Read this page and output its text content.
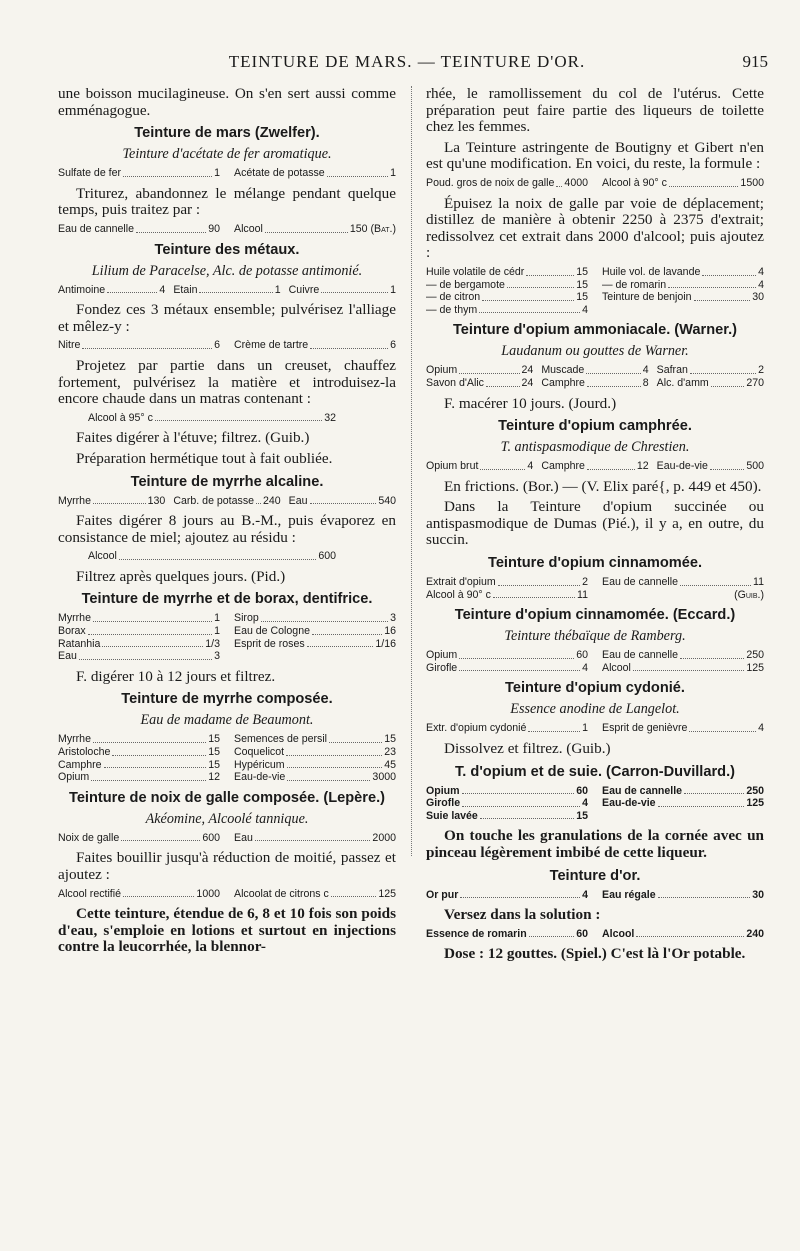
TEINTURE DE MARS. — TEINTURE D'OR.	915

une boisson mucilagineuse. On s'en sert aussi comme emménagogue.

Teinture de mars (Zwelfer).
Teinture d'acétate de fer aromatique.
Sulfate de fer	1 Acétate de potasse	1

Triturez, abandonnez le mélange pendant quelque temps, puis traitez par :

Eau de cannelle	90 Alcool	150
(Bat.)
Teinture des métaux.
Lilium de Paracelse, Alc. de potasse antimonié.
Antimoine	4 Etain	1 Cuivre	1

Fondez ces 3 métaux ensemble; pulvérisez l'alliage et mêlez-y :

Nitre	6 Crème de tartre	6

Projetez par partie dans un creuset, chauffez fortement, pulvérisez la matière et introduisez-la encore chaude dans un matras contenant :

Alcool à 95° c	32

Faites digérer à l'étuve; filtrez. (Guib.)

Préparation hermétique tout à fait oubliée.

Teinture de myrrhe alcaline.
Myrrhe	130 Carb. de potasse 240 Eau	540

Faites digérer 8 jours au B.-M., puis évaporez en consistance de miel; ajoutez au résidu :

Alcool	600

Filtrez après quelques jours. (Pid.)

Teinture de myrrhe et de borax, dentifrice.
Myrrhe	1 Sirop	3
Borax	1 Eau de Cologne	16
Ratanhia	1/3 Esprit de roses	1/16
Eau	3

F. digérer 10 à 12 jours et filtrez.

Teinture de myrrhe composée.
Eau de madame de Beaumont.
Myrrhe	15 Semences de persil	15
Aristoloche	15 Coquelicot	23
Camphre	15 Hypéricum	45
Opium	12 Eau-de-vie	3000
Teinture de noix de galle composée. (Lepère.)
Akéomine, Alcoolé tannique.
Noix de galle	600 Eau	2000

Faites bouillir jusqu'à réduction de moitié, passez et ajoutez :

Alcool rectifié	1000 Alcoolat de citrons c	125

Cette teinture, étendue de 6, 8 et 10 fois son poids d'eau, s'emploie en lotions et surtout en injections contre la leucorrhée, la blennor-

rhée, le ramollissement du col de l'utérus. Cette préparation peut faire partie des liqueurs de toilette chez les femmes.

La Teinture astringente de Boutigny et Gibert n'en est qu'une modification. En voici, du reste, la formule :

Poud. gros de noix de galle 4000 Alcool à 90° c	1500

Épuisez la noix de galle par voie de déplacement; distillez de manière à obtenir 2250 à 2375 d'extrait; redissolvez cet extrait dans 2000 d'alcool; puis ajoutez :

Huile volatile de cédr	15 Huile vol. de lavande	4
— de bergamote	15 — de romarin	4
— de citron	15 Teinture de benjoin	30
— de thym	4
Teinture d'opium ammoniacale. (Warner.)
Laudanum ou gouttes de Warner.
Opium	24 Muscade	4 Safran	2
Savon d'Alic	24 Camphre	8 Alc. d'amm	270

F. macérer 10 jours. (Jourd.)

Teinture d'opium camphrée.
T. antispasmodique de Chrestien.
Opium brut	4 Camphre	12 Eau-de-vie	500

En frictions. (Bor.) — (V. Elix paré{, p. 449 et 450).

Dans la Teinture d'opium succinée ou antispasmodique de Dumas (Pié.), il y a, en outre, du succin.

Teinture d'opium cinnamomée.
Extrait d'opium	2 Eau de cannelle	11
Alcool à 90° c	11	(Guib.)
Teinture d'opium cinnamomée. (Eccard.)
Teinture thébaïque de Ramberg.
Opium	60 Eau de cannelle	250
Girofle	4 Alcool	125
Teinture d'opium cydonié.
Essence anodine de Langelot.
Extr. d'opium cydonié	1 Esprit de genièvre	4

Dissolvez et filtrez. (Guib.)

T. d'opium et de suie. (Carron-Duvillard.)
Opium	60 Eau de cannelle	250
Girofle	4 Eau-de-vie	125
Suie lavée	15

On touche les granulations de la cornée avec un pinceau légèrement imbibé de cette liqueur.

Teinture d'or.
Or pur	4 Eau régale	30

Versez dans la solution :

Essence de romarin	60 Alcool	240

Dose : 12 gouttes. (Spiel.) C'est là l'Or potable.
